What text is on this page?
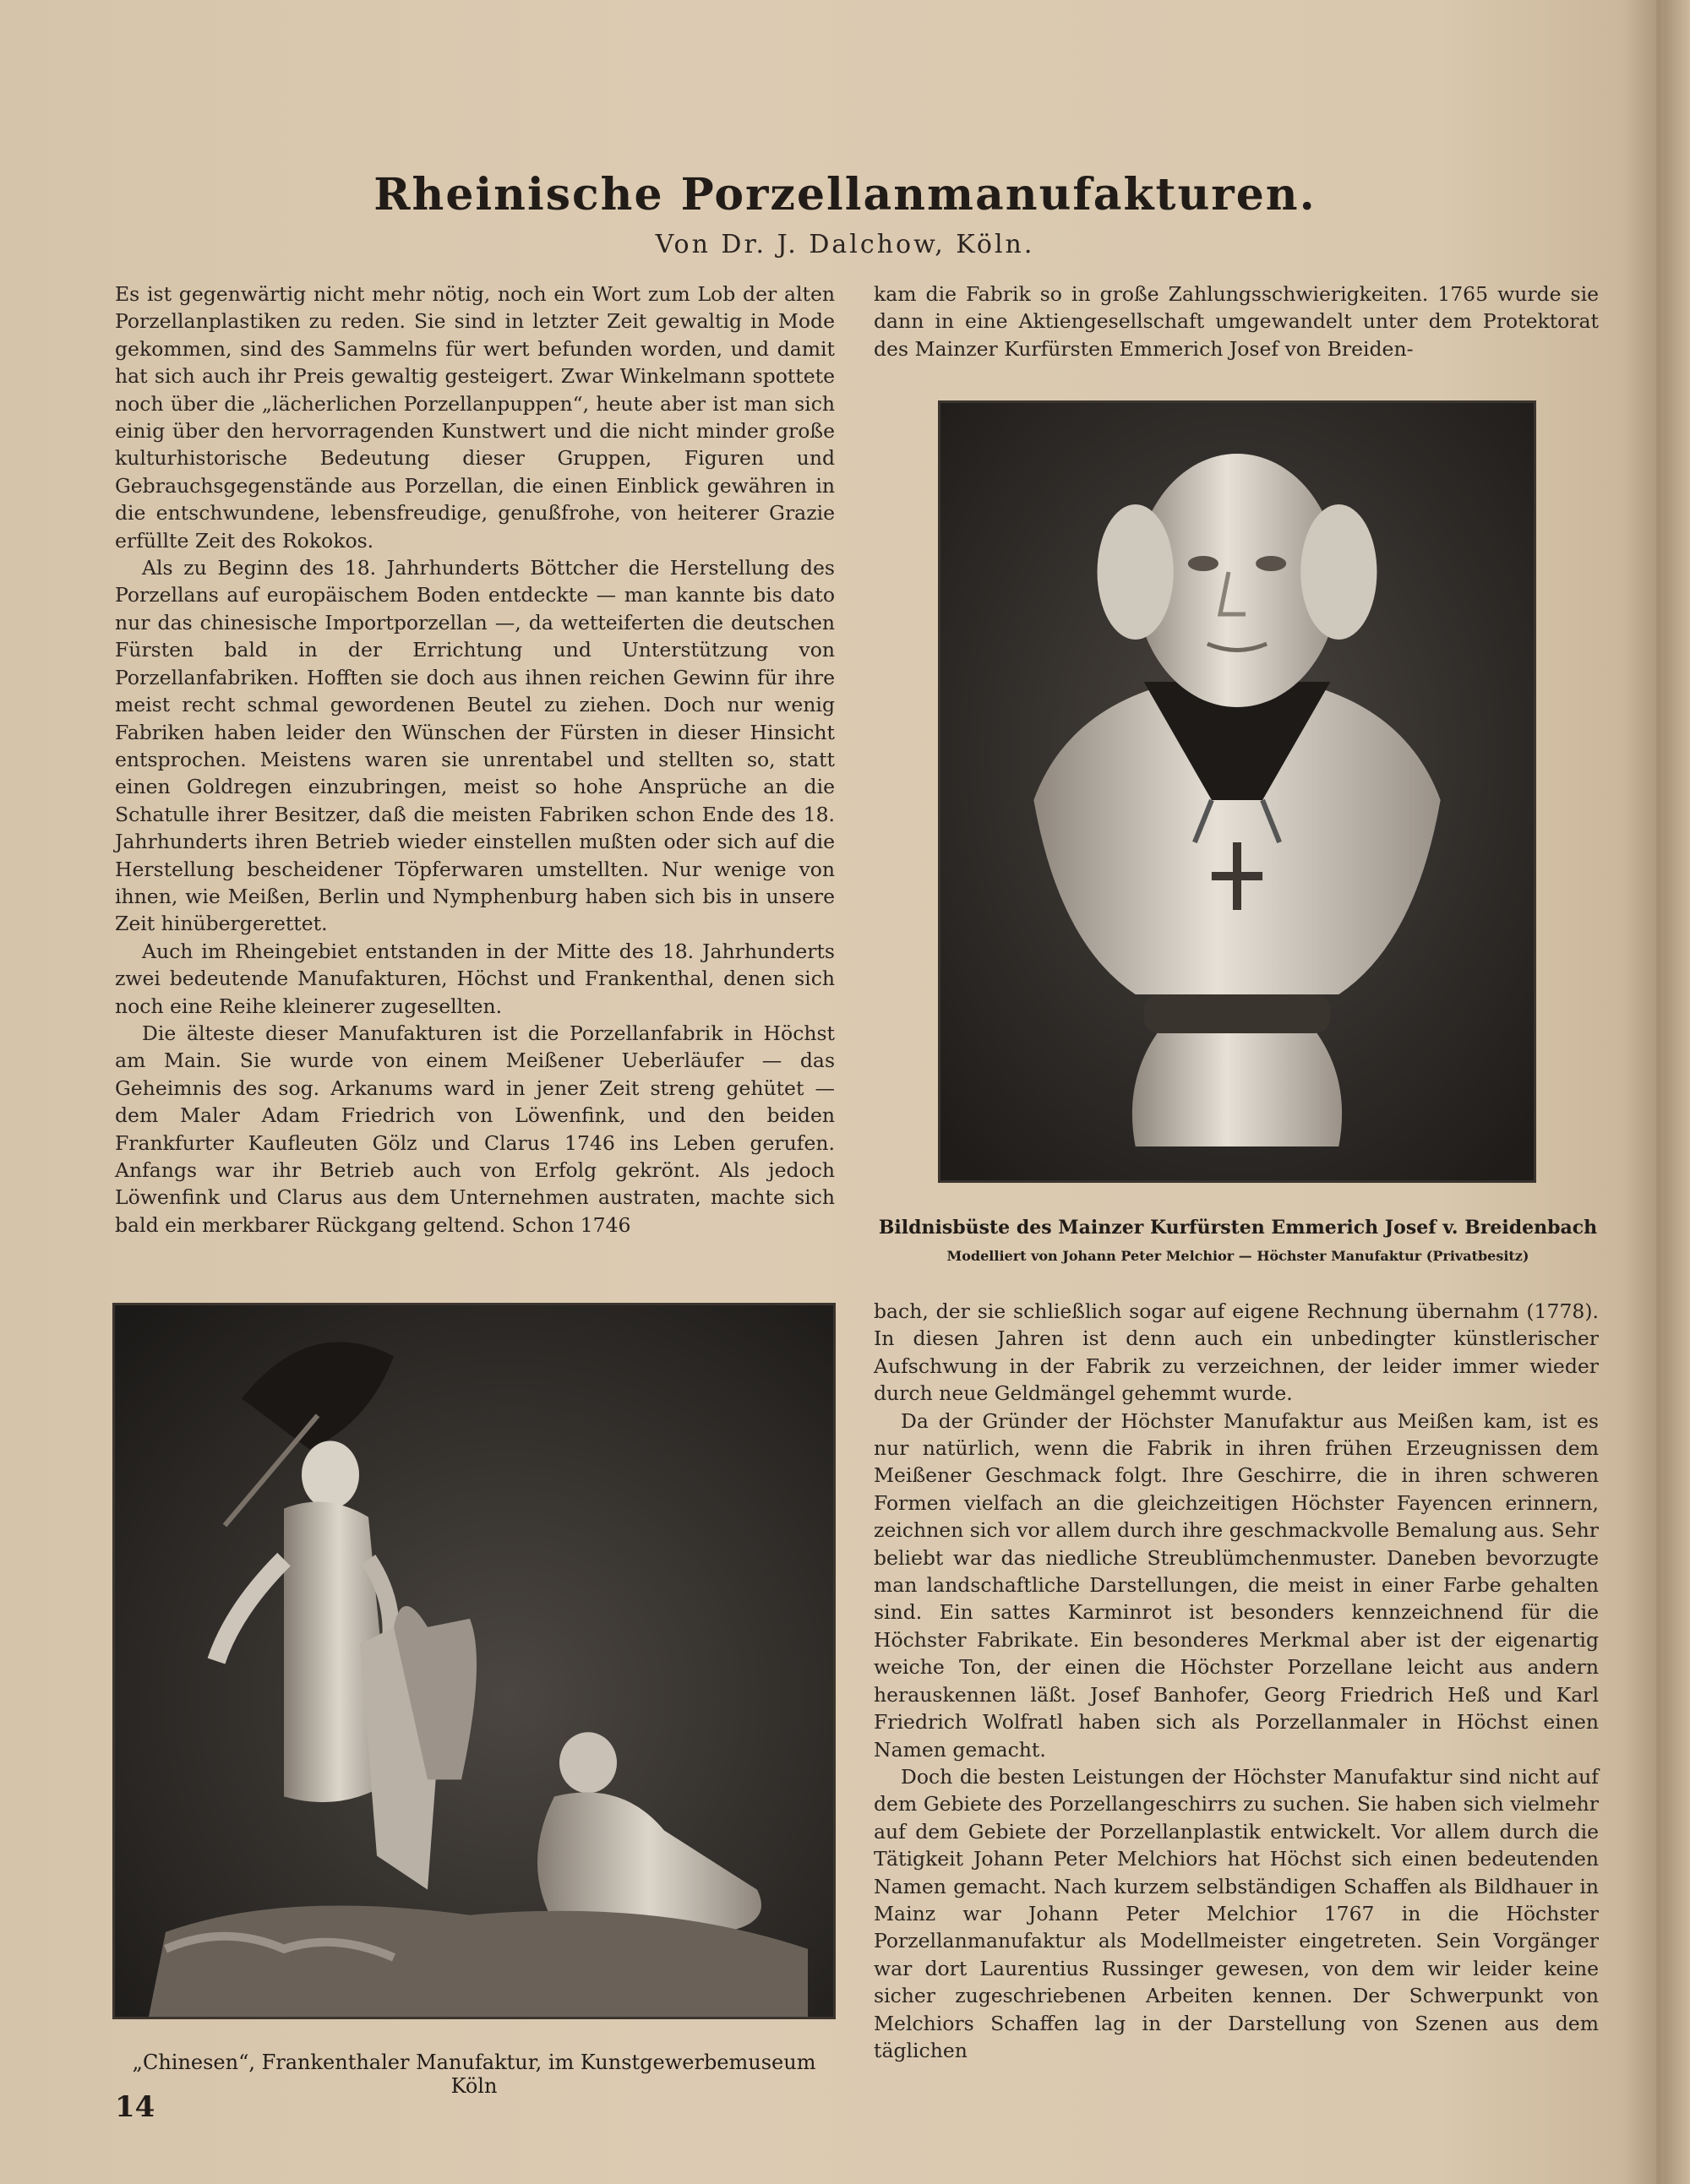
Rheinische Porzellanmanufakturen.
Von Dr. J. Dalchow, Köln.

Es ist gegenwärtig nicht mehr nötig, noch ein Wort zum Lob der alten Porzellanplastiken zu reden. Sie sind in letzter Zeit gewaltig in Mode gekommen, sind des Sammelns für wert befunden worden, und damit hat sich auch ihr Preis gewaltig gesteigert. Zwar Winkelmann spottete noch über die „lächerlichen Porzellanpuppen“, heute aber ist man sich einig über den hervorragenden Kunstwert und die nicht minder große kulturhistorische Bedeutung dieser Gruppen, Figuren und Gebrauchsgegenstände aus Porzellan, die einen Einblick gewähren in die entschwundene, lebensfreudige, genußfrohe, von heiterer Grazie erfüllte Zeit des Rokokos.

Als zu Beginn des 18. Jahrhunderts Böttcher die Herstellung des Porzellans auf europäischem Boden entdeckte — man kannte bis dato nur das chinesische Importporzellan —, da wetteiferten die deutschen Fürsten bald in der Errichtung und Unterstützung von Porzellanfabriken. Hofften sie doch aus ihnen reichen Gewinn für ihre meist recht schmal gewordenen Beutel zu ziehen. Doch nur wenig Fabriken haben leider den Wünschen der Fürsten in dieser Hinsicht entsprochen. Meistens waren sie unrentabel und stellten so, statt einen Goldregen einzubringen, meist so hohe Ansprüche an die Schatulle ihrer Besitzer, daß die meisten Fabriken schon Ende des 18. Jahrhunderts ihren Betrieb wieder einstellen mußten oder sich auf die Herstellung bescheidener Töpferwaren umstellten. Nur wenige von ihnen, wie Meißen, Berlin und Nymphenburg haben sich bis in unsere Zeit hinübergerettet.

Auch im Rheingebiet entstanden in der Mitte des 18. Jahrhunderts zwei bedeutende Manufakturen, Höchst und Frankenthal, denen sich noch eine Reihe kleinerer zugesellten.

Die älteste dieser Manufakturen ist die Porzellanfabrik in Höchst am Main. Sie wurde von einem Meißener Ueberläufer — das Geheimnis des sog. Arkanums ward in jener Zeit streng gehütet — dem Maler Adam Friedrich von Löwenfink, und den beiden Frankfurter Kaufleuten Gölz und Clarus 1746 ins Leben gerufen. Anfangs war ihr Betrieb auch von Erfolg gekrönt. Als jedoch Löwenfink und Clarus aus dem Unternehmen austraten, machte sich bald ein merkbarer Rückgang geltend. Schon 1746

kam die Fabrik so in große Zahlungsschwierigkeiten. 1765 wurde sie dann in eine Aktiengesellschaft umgewandelt unter dem Protektorat des Mainzer Kurfürsten Emmerich Josef von Breiden-

Bildnisbüste des Mainzer Kurfürsten Emmerich Josef v. Breidenbach
Modelliert von Johann Peter Melchior — Höchster Manufaktur (Privatbesitz)
„Chinesen“, Frankenthaler Manufaktur, im Kunstgewerbemuseum Köln

bach, der sie schließlich sogar auf eigene Rechnung übernahm (1778). In diesen Jahren ist denn auch ein unbedingter künstlerischer Aufschwung in der Fabrik zu verzeichnen, der leider immer wieder durch neue Geldmängel gehemmt wurde.

Da der Gründer der Höchster Manufaktur aus Meißen kam, ist es nur natürlich, wenn die Fabrik in ihren frühen Erzeugnissen dem Meißener Geschmack folgt. Ihre Geschirre, die in ihren schweren Formen vielfach an die gleichzeitigen Höchster Fayencen erinnern, zeichnen sich vor allem durch ihre geschmackvolle Bemalung aus. Sehr beliebt war das niedliche Streublümchenmuster. Daneben bevorzugte man landschaftliche Darstellungen, die meist in einer Farbe gehalten sind. Ein sattes Karminrot ist besonders kennzeichnend für die Höchster Fabrikate. Ein besonderes Merkmal aber ist der eigenartig weiche Ton, der einen die Höchster Porzellane leicht aus andern herauskennen läßt. Josef Banhofer, Georg Friedrich Heß und Karl Friedrich Wolfratl haben sich als Porzellanmaler in Höchst einen Namen gemacht.

Doch die besten Leistungen der Höchster Manufaktur sind nicht auf dem Gebiete des Porzellangeschirrs zu suchen. Sie haben sich vielmehr auf dem Gebiete der Porzellanplastik entwickelt. Vor allem durch die Tätigkeit Johann Peter Melchiors hat Höchst sich einen bedeutenden Namen gemacht. Nach kurzem selbständigen Schaffen als Bildhauer in Mainz war Johann Peter Melchior 1767 in die Höchster Porzellanmanufaktur als Modellmeister eingetreten. Sein Vorgänger war dort Laurentius Russinger gewesen, von dem wir leider keine sicher zugeschriebenen Arbeiten kennen. Der Schwerpunkt von Melchiors Schaffen lag in der Darstellung von Szenen aus dem täglichen

14
